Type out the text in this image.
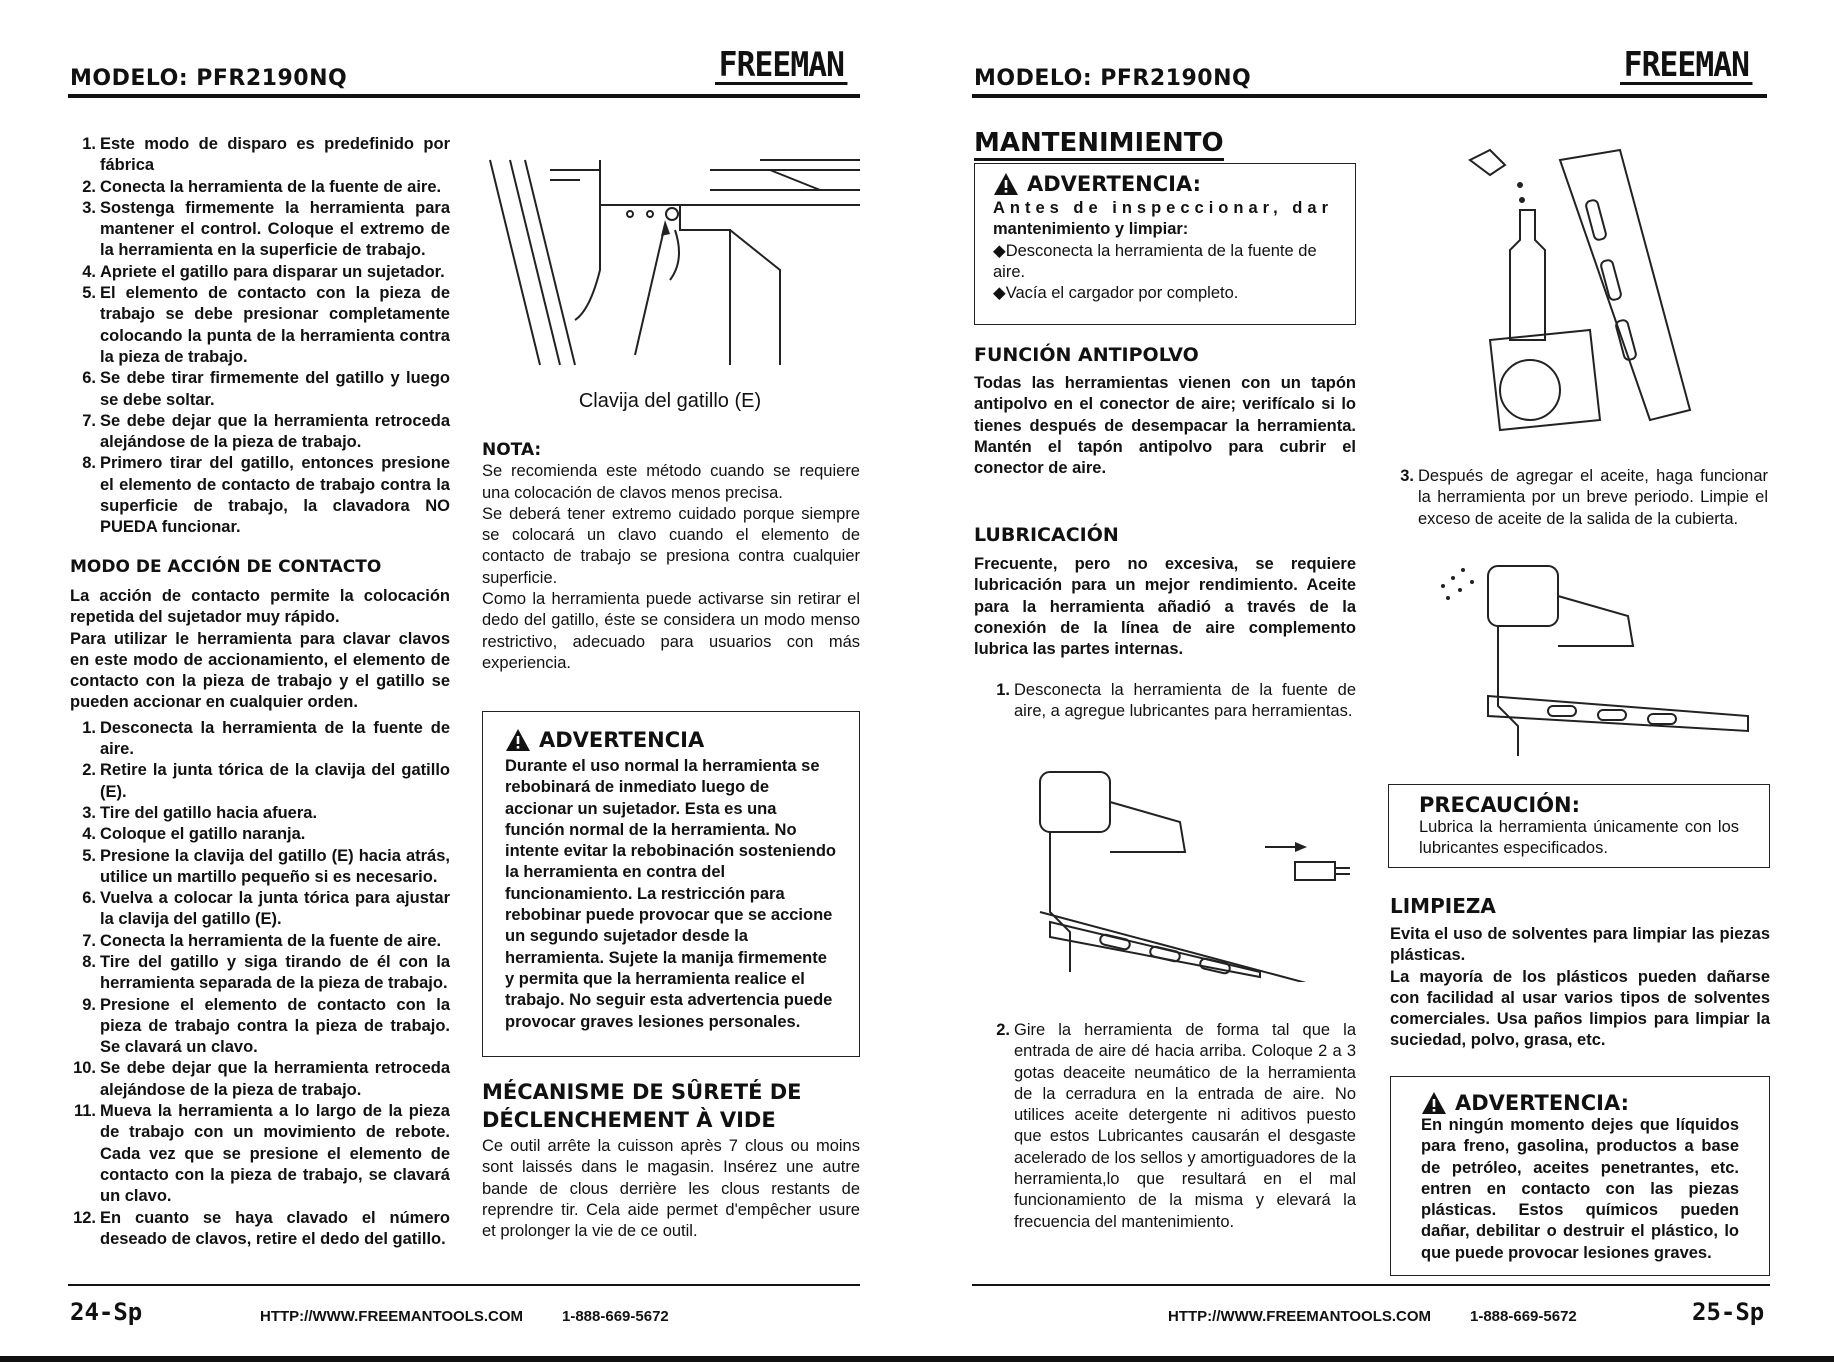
MODELO: PFR2190NQ	FREEMAN
1. Este modo de disparo es predefinido por fábrica
2. Conecta la herramienta de la fuente de aire.
3. Sostenga firmemente la herramienta para mantener el control. Coloque el extremo de la herramienta en la superficie de trabajo.
4. Apriete el gatillo para disparar un sujetador.
5. El elemento de contacto con la pieza de trabajo se debe presionar completamente colocando la punta de la herramienta contra la pieza de trabajo.
6. Se debe tirar firmemente del gatillo y luego se debe soltar.
7. Se debe dejar que la herramienta retroceda alejándose de la pieza de trabajo.
8. Primero tirar del gatillo, entonces presione el elemento de contacto de trabajo contra la superficie de trabajo, la clavadora NO PUEDA funcionar.
MODO DE ACCIÓN DE CONTACTO

La acción de contacto permite la colocación repetida del sujetador muy rápido.

Para utilizar le herramienta para clavar clavos en este modo de accionamiento, el elemento de contacto con la pieza de trabajo y el gatillo se pueden accionar en cualquier orden.

1. Desconecta la herramienta de la fuente de aire.
2. Retire la junta tórica de la clavija del gatillo (E).
3. Tire del gatillo hacia afuera.
4. Coloque el gatillo naranja.
5. Presione la clavija del gatillo (E) hacia atrás, utilice un martillo pequeño si es necesario.
6. Vuelva a colocar la junta tórica para ajustar la clavija del gatillo (E).
7. Conecta la herramienta de la fuente de aire.
8. Tire del gatillo y siga tirando de él con la herramienta separada de la pieza de trabajo.
9. Presione el elemento de contacto con la pieza de trabajo contra la pieza de trabajo. Se clavará un clavo.
10. Se debe dejar que la herramienta retroceda alejándose de la pieza de trabajo.
11. Mueva la herramienta a lo largo de la pieza de trabajo con un movimiento de rebote. Cada vez que se presione el elemento de contacto con la pieza de trabajo, se clavará un clavo.
12. En cuanto se haya clavado el número deseado de clavos, retire el dedo del gatillo.
Clavija del gatillo (E)
NOTA:

Se recomienda este método cuando se requiere una colocación de clavos menos precisa.

Se deberá tener extremo cuidado porque siempre se colocará un clavo cuando el elemento de contacto de trabajo se presiona contra cualquier superficie.

Como la herramienta puede activarse sin retirar el dedo del gatillo, éste se considera un modo menso restrictivo, adecuado para usuarios con más experiencia.

ADVERTENCIA

Durante el uso normal la herramienta se rebobinará de inmediato luego de accionar un sujetador. Esta es una función normal de la herramienta. No intente evitar la rebobinación sosteniendo la herramienta en contra del funcionamiento. La restricción para rebobinar puede provocar que se accione un segundo sujetador desde la herramienta. Sujete la manija firmemente y permita que la herramienta realice el trabajo. No seguir esta advertencia puede provocar graves lesiones personales.

MÉCANISME DE SÛRETÉ DE
DÉCLENCHEMENT À VIDE

Ce outil arrête la cuisson après 7 clous ou moins sont laissés dans le magasin. Insérez une autre bande de clous derrière les clous restants de reprendre tir. Cela aide permet d'empêcher usure et prolonger la vie de ce outil.

24-Sp	HTTP://WWW.FREEMANTOOLS.COM	1-888-669-5672
MODELO: PFR2190NQ	FREEMAN
MANTENIMIENTO
ADVERTENCIA:
Antes de inspeccionar, dar
mantenimiento y limpiar:
◆Desconecta la herramienta de la fuente de aire.
◆Vacía el cargador por completo.
FUNCIÓN ANTIPOLVO

Todas las herramientas vienen con un tapón antipolvo en el conector de aire; verifícalo si lo tienes después de desempacar la herramienta. Mantén el tapón antipolvo para cubrir el conector de aire.

LUBRICACIÓN

Frecuente, pero no excesiva, se requiere lubricación para un mejor rendimiento. Aceite para la herramienta añadió a través de la conexión de la línea de aire complemento lubrica las partes internas.

1. Desconecta la herramienta de la fuente de aire, a agregue lubricantes para herramientas.
2. Gire la herramienta de forma tal que la entrada de aire dé hacia arriba. Coloque 2 a 3 gotas deaceite neumático de la herramienta de la cerradura en la entrada de aire. No utilices aceite detergente ni aditivos puesto que estos Lubricantes causarán el desgaste acelerado de los sellos y amortiguadores de la herramienta,lo que resultará en el mal funcionamiento de la misma y elevará la frecuencia del mantenimiento.
3. Después de agregar el aceite, haga funcionar la herramienta por un breve periodo. Limpie el exceso de aceite de la salida de la cubierta.
PRECAUCIÓN:

Lubrica la herramienta únicamente con los lubricantes especificados.

LIMPIEZA

Evita el uso de solventes para limpiar las piezas plásticas.

La mayoría de los plásticos pueden dañarse con facilidad al usar varios tipos de solventes comerciales. Usa paños limpios para limpiar la suciedad, polvo, grasa, etc.

ADVERTENCIA:

En ningún momento dejes que líquidos para freno, gasolina, productos a base de petróleo, aceites penetrantes, etc. entren en contacto con las piezas plásticas. Estos químicos pueden dañar, debilitar o destruir el plástico, lo que puede provocar lesiones graves.

HTTP://WWW.FREEMANTOOLS.COM	1-888-669-5672	25-Sp
